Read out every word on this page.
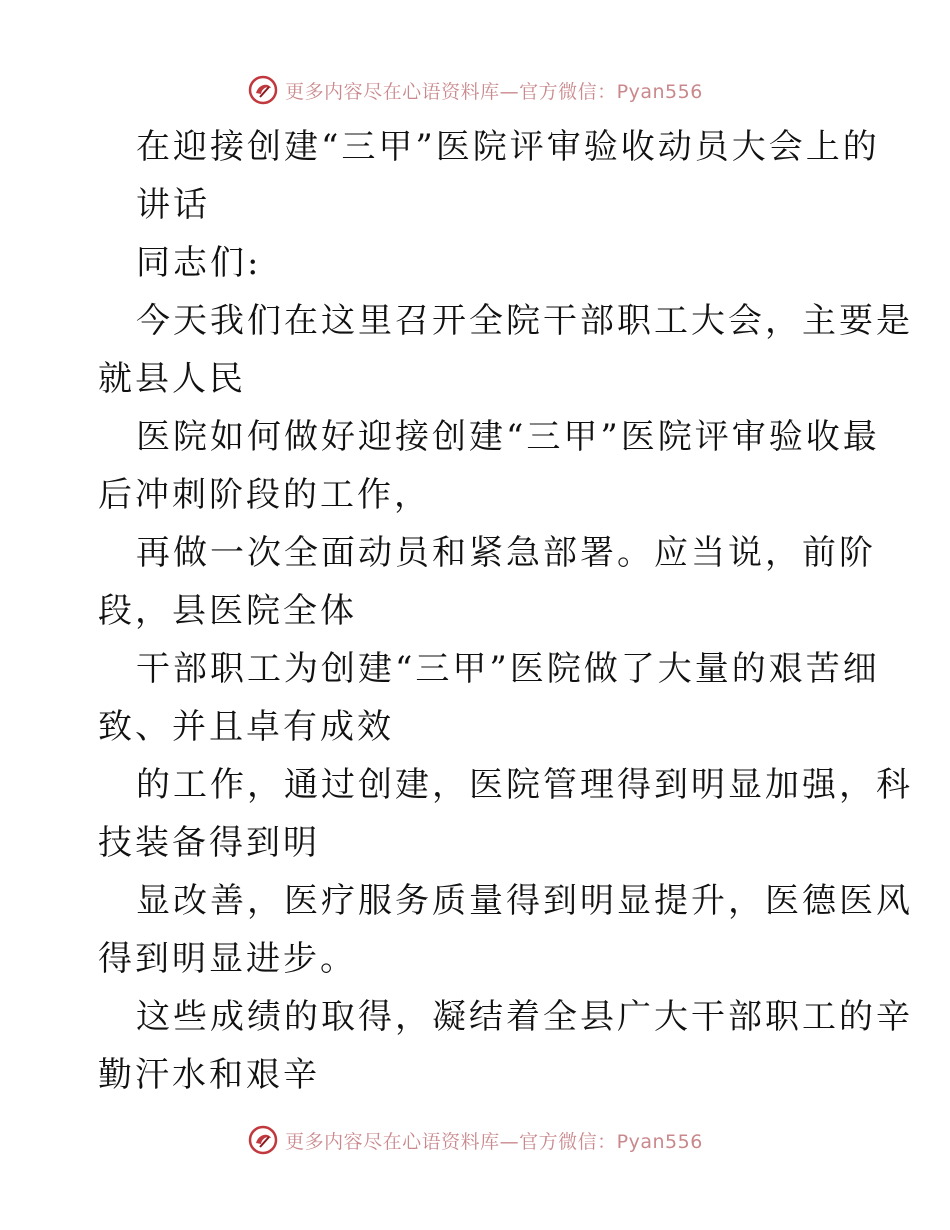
更多内容尽在心语资料库—官方微信：Pyan556
在迎接创建“三甲”医院评审验收动员大会上的
讲话
同志们:
今天我们在这里召开全院干部职工大会，主要是
就县人民
医院如何做好迎接创建“三甲”医院评审验收最
后冲刺阶段的工作，
再做一次全面动员和紧急部署。应当说，前阶
段，县医院全体
干部职工为创建“三甲”医院做了大量的艰苦细
致、并且卓有成效
的工作，通过创建，医院管理得到明显加强，科
技装备得到明
显改善，医疗服务质量得到明显提升，医德医风
得到明显进步。
这些成绩的取得，凝结着全县广大干部职工的辛
勤汗水和艰辛
更多内容尽在心语资料库—官方微信：Pyan556
